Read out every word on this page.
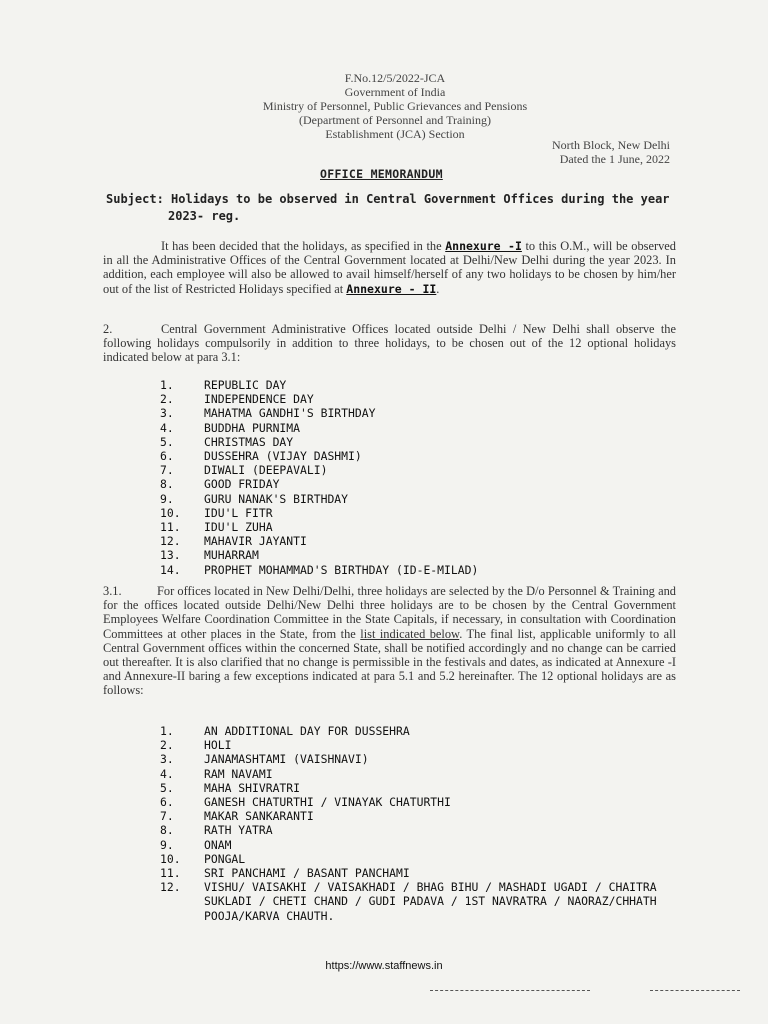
F.No.12/5/2022-JCA
Government of India
Ministry of Personnel, Public Grievances and Pensions
(Department of Personnel and Training)
Establishment (JCA) Section
North Block, New Delhi
Dated the 1 June, 2022
OFFICE MEMORANDUM
Subject: Holidays to be observed in Central Government Offices during the year
2023- reg.
It has been decided that the holidays, as specified in the Annexure -I to this O.M., will be observed in all the Administrative Offices of the Central Government located at Delhi/New Delhi during the year 2023. In addition, each employee will also be allowed to avail himself/herself of any two holidays to be chosen by him/her out of the list of Restricted Holidays specified at Annexure - II.
2.	Central Government Administrative Offices located outside Delhi / New Delhi shall observe the following holidays compulsorily in addition to three holidays, to be chosen out of the 12 optional holidays indicated below at para 3.1:
1.	REPUBLIC DAY
2.	INDEPENDENCE DAY
3.	MAHATMA GANDHI'S BIRTHDAY
4.	BUDDHA PURNIMA
5.	CHRISTMAS DAY
6.	DUSSEHRA (VIJAY DASHMI)
7.	DIWALI (DEEPAVALI)
8.	GOOD FRIDAY
9.	GURU NANAK'S BIRTHDAY
10.	IDU'L FITR
11.	IDU'L ZUHA
12.	MAHAVIR JAYANTI
13.	MUHARRAM
14.	PROPHET MOHAMMAD'S BIRTHDAY (ID-E-MILAD)
3.1.	For offices located in New Delhi/Delhi, three holidays are selected by the D/o Personnel & Training and for the offices located outside Delhi/New Delhi three holidays are to be chosen by the Central Government Employees Welfare Coordination Committee in the State Capitals, if necessary, in consultation with Coordination Committees at other places in the State, from the list indicated below. The final list, applicable uniformly to all Central Government offices within the concerned State, shall be notified accordingly and no change can be carried out thereafter. It is also clarified that no change is permissible in the festivals and dates, as indicated at Annexure -I and Annexure-II baring a few exceptions indicated at para 5.1 and 5.2 hereinafter. The 12 optional holidays are as follows:
1.	AN ADDITIONAL DAY FOR DUSSEHRA
2.	HOLI
3.	JANAMASHTAMI (VAISHNAVI)
4.	RAM NAVAMI
5.	MAHA SHIVRATRI
6.	GANESH CHATURTHI / VINAYAK CHATURTHI
7.	MAKAR SANKARANTI
8.	RATH YATRA
9.	ONAM
10.	PONGAL
11.	SRI PANCHAMI / BASANT PANCHAMI
12.	VISHU/ VAISAKHI / VAISAKHADI / BHAG BIHU / MASHADI UGADI / CHAITRA SUKLADI / CHETI CHAND / GUDI PADAVA / 1ST NAVRATRA / NAORAZ/CHHATH POOJA/KARVA CHAUTH.
https://www.staffnews.in
